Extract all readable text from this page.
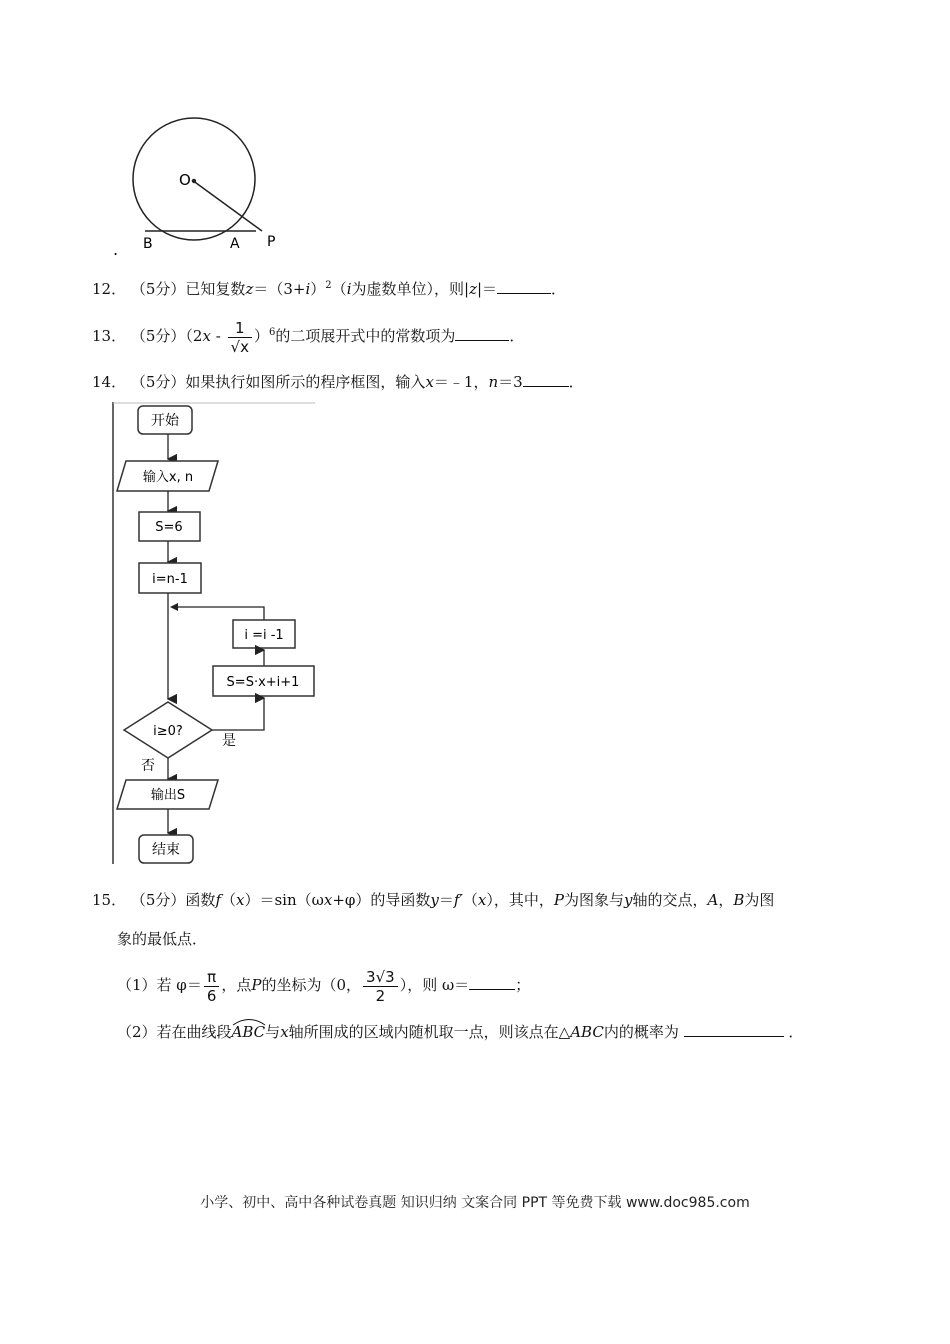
O
B	A P
.
12． （5分）已知复数$z=(3+i)^2(i$为虚数单位），则|z|＝	．
13． （5分）$(2x - \frac{1}{√x} )^6$的二项展开式中的常数项为	．
14． （5分）如果执行如图所示的程序框图，输入x＝﹣1，n＝3	．
开始
输入x, n
S=6
i=n-1
i =i -1
S=S·x+i+1
i≥0?
是
否
输出S
结束
15． （5分）函数f（x）＝sin（ωx+φ）的导函数y＝f′（x），其中，P为图象与y轴的交点，A，B为图
象的最低点．
（1）若 $\varphi= \frac{\pi}{6}$ ，点P的坐标为（0， $\frac{3√3}{2}$ ），则 ω＝	；
（2）若在曲线段
ABC与x轴所围成的区域内随机取一点，则该点在△ABC内的概率为	．
小学、初中、高中各种试卷真题 知识归纳 文案合同 PPT 等免费下载 www.doc985.com
